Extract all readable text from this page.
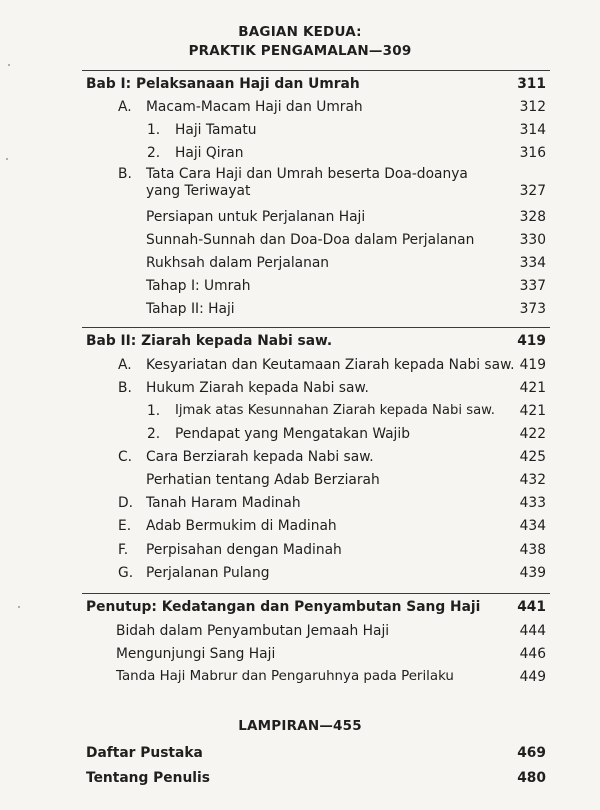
BAGIAN KEDUA:
PRAKTIK PENGAMALAN—309
Bab I: Pelaksanaan Haji dan Umrah	311
A. Macam-Macam Haji dan Umrah	312
1. Haji Tamatu	314
2. Haji Qiran	316
B. Tata Cara Haji dan Umrah beserta Doa-doanya
yang Teriwayat	327
Persiapan untuk Perjalanan Haji	328
Sunnah-Sunnah dan Doa-Doa dalam Perjalanan	330
Rukhsah dalam Perjalanan	334
Tahap I: Umrah	337
Tahap II: Haji	373
Bab II: Ziarah kepada Nabi saw.	419
A. Kesyariatan dan Keutamaan Ziarah kepada Nabi saw. 419
B. Hukum Ziarah kepada Nabi saw.	421
1. Ijmak atas Kesunnahan Ziarah kepada Nabi saw. 421
2. Pendapat yang Mengatakan Wajib	422
C. Cara Berziarah kepada Nabi saw.	425
Perhatian tentang Adab Berziarah	432
D. Tanah Haram Madinah	433
E. Adab Bermukim di Madinah	434
F. Perpisahan dengan Madinah	438
G. Perjalanan Pulang	439
Penutup: Kedatangan dan Penyambutan Sang Haji	441
Bidah dalam Penyambutan Jemaah Haji	444
Mengunjungi Sang Haji	446
Tanda Haji Mabrur dan Pengaruhnya pada Perilaku	449
LAMPIRAN—455
Daftar Pustaka	469
Tentang Penulis	480
